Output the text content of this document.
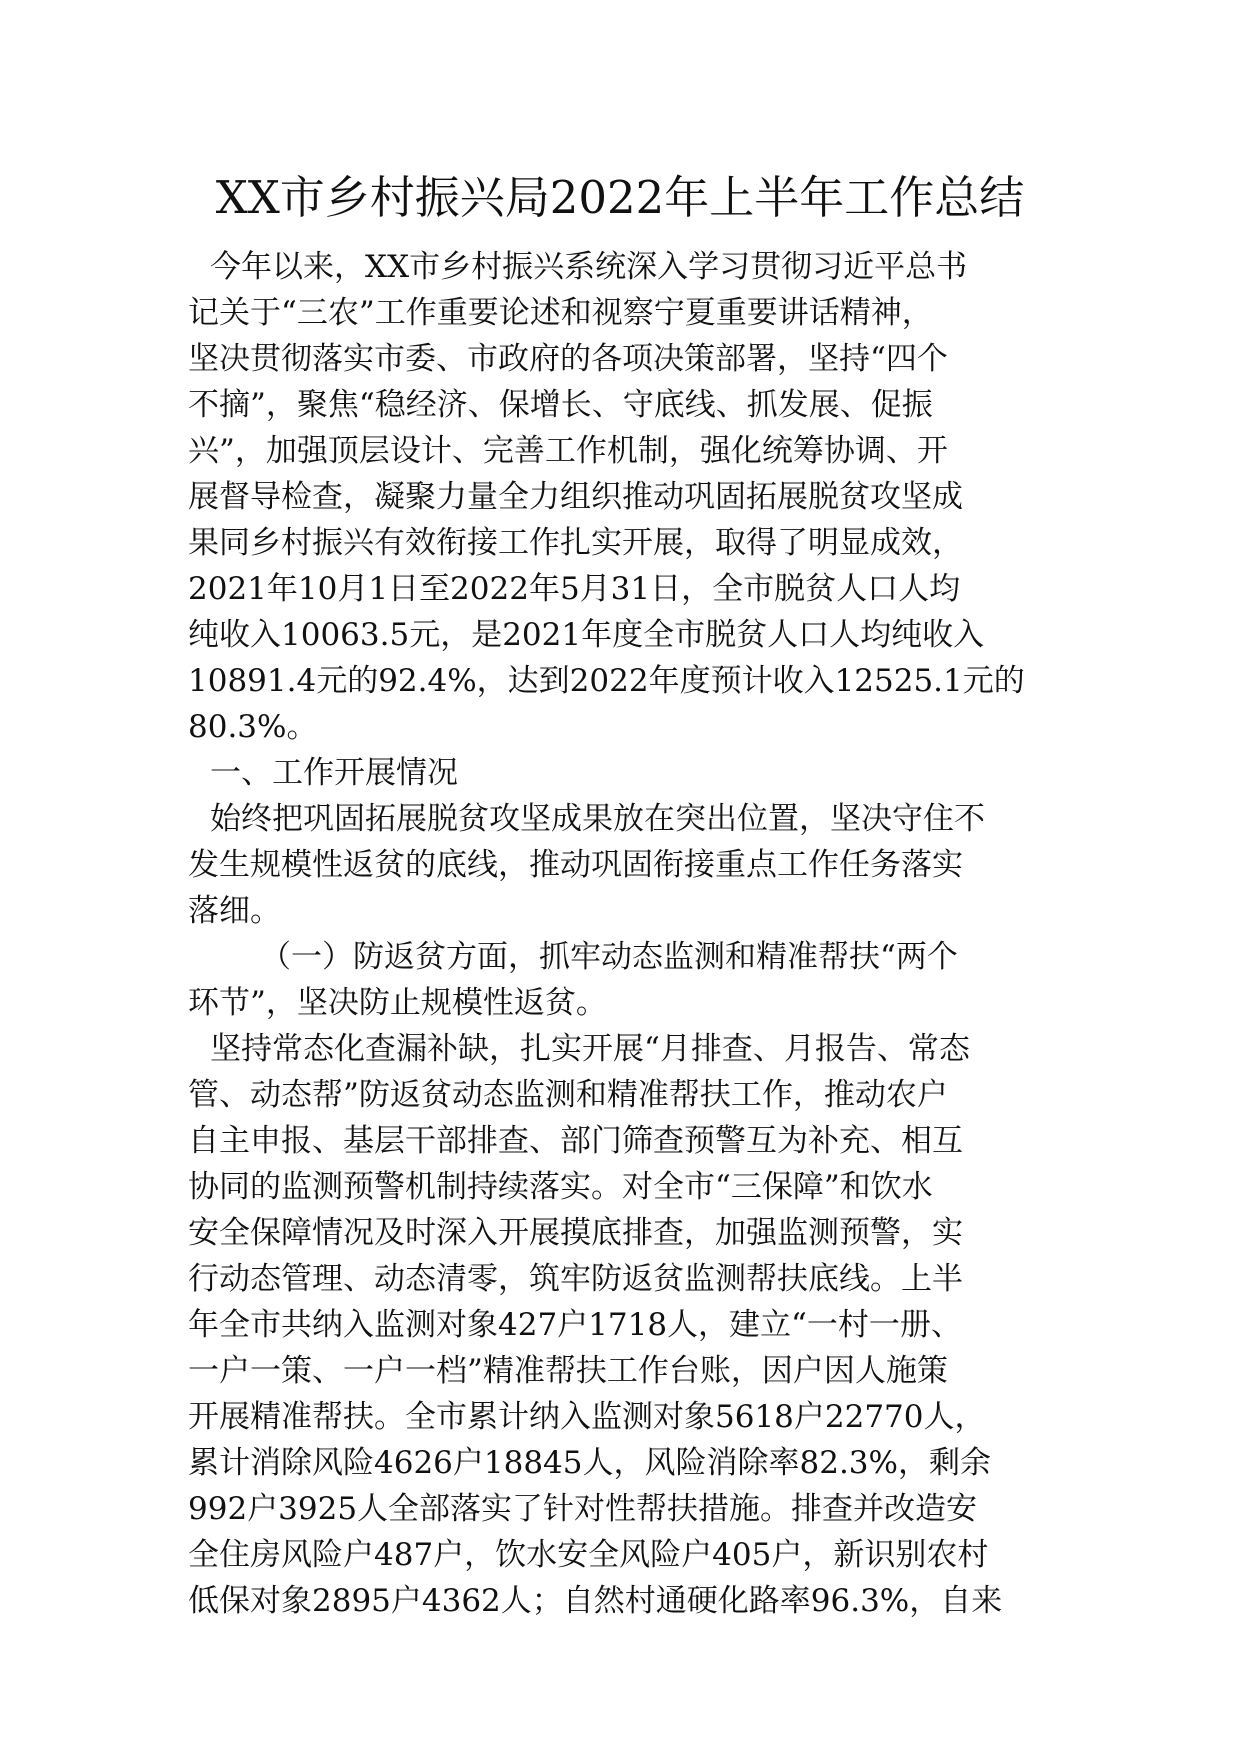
XX市乡村振兴局2022年上半年工作总结
今年以来，XX市乡村振兴系统深入学习贯彻习近平总书
记关于“三农”工作重要论述和视察宁夏重要讲话精神，
坚决贯彻落实市委、市政府的各项决策部署，坚持“四个
不摘”，聚焦“稳经济、保增长、守底线、抓发展、促振
兴”，加强顶层设计、完善工作机制，强化统筹协调、开
展督导检查，凝聚力量全力组织推动巩固拓展脱贫攻坚成
果同乡村振兴有效衔接工作扎实开展，取得了明显成效，
2021年10月1日至2022年5月31日，全市脱贫人口人均
纯收入10063.5元，是2021年度全市脱贫人口人均纯收入
10891.4元的92.4%，达到2022年度预计收入12525.1元的
80.3%。
一、工作开展情况
始终把巩固拓展脱贫攻坚成果放在突出位置，坚决守住不
发生规模性返贫的底线，推动巩固衔接重点工作任务落实
落细。
（一）防返贫方面，抓牢动态监测和精准帮扶“两个
环节”，坚决防止规模性返贫。
坚持常态化查漏补缺，扎实开展“月排查、月报告、常态
管、动态帮”防返贫动态监测和精准帮扶工作，推动农户
自主申报、基层干部排查、部门筛查预警互为补充、相互
协同的监测预警机制持续落实。对全市“三保障”和饮水
安全保障情况及时深入开展摸底排查，加强监测预警，实
行动态管理、动态清零，筑牢防返贫监测帮扶底线。上半
年全市共纳入监测对象427户1718人，建立“一村一册、
一户一策、一户一档”精准帮扶工作台账，因户因人施策
开展精准帮扶。全市累计纳入监测对象5618户22770人，
累计消除风险4626户18845人，风险消除率82.3%，剩余
992户3925人全部落实了针对性帮扶措施。排查并改造安
全住房风险户487户，饮水安全风险户405户，新识别农村
低保对象2895户4362人；自然村通硬化路率96.3%，自来
